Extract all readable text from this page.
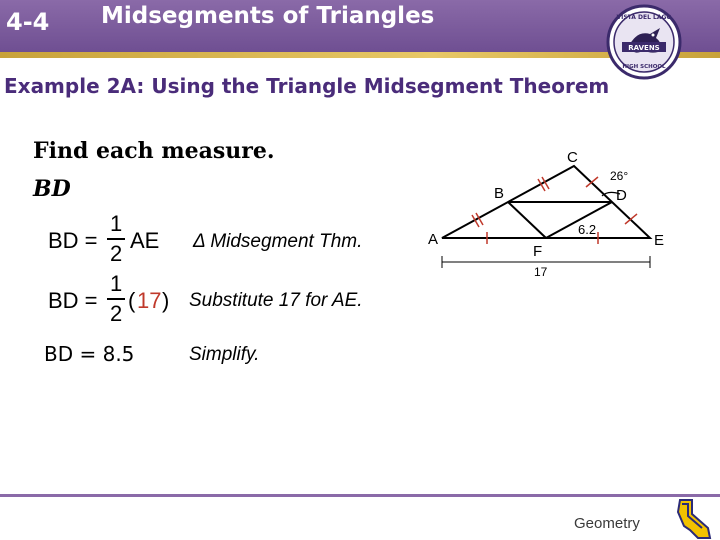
4-4 Midsegments of Triangles	VISTA DEL LAGO
RAVENS
HIGH SCHOOL
Example 2A: Using the Triangle Midsegment Theorem
Find each measure.
BD
BD =
1
2
AE Δ Midsegment Thm.
BD =
1
2
( 17 ) Substitute 17 for AE.
BD = 8.5	Simplify.
A
B
C
D
E
F
26°
6.2
17
Geometry
